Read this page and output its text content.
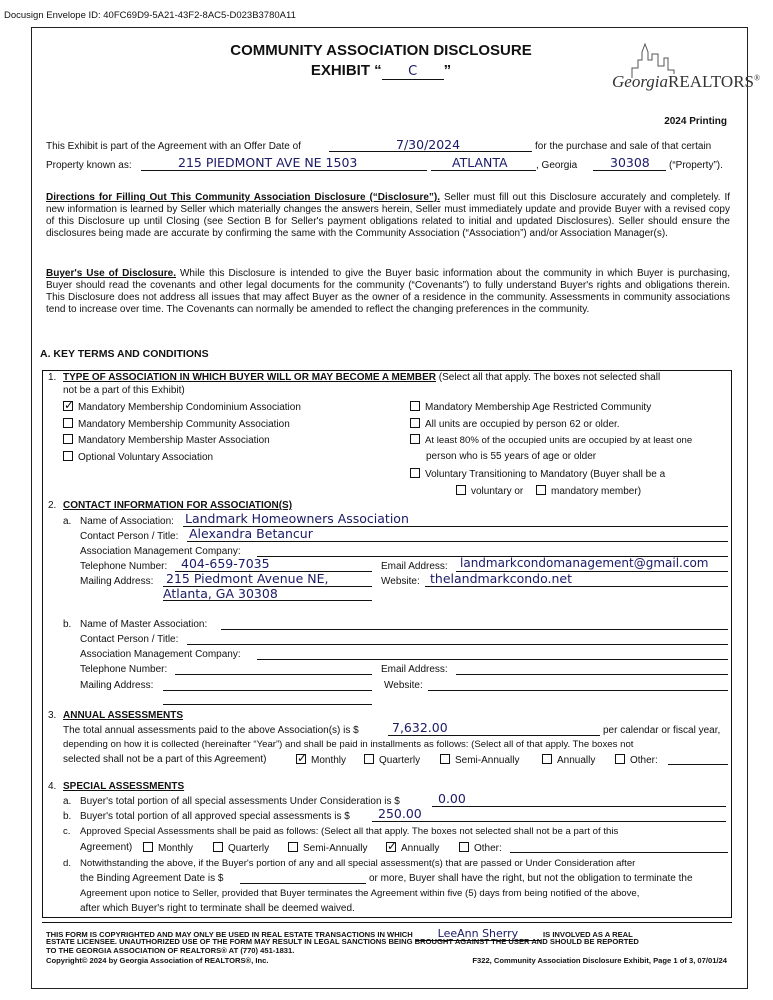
Docusign Envelope ID: 40FC69D9-5A21-43F2-8AC5-D023B3780A11
COMMUNITY ASSOCIATION DISCLOSURE
EXHIBIT “ C ”
GeorgiaREALTORS®
2024 Printing
This Exhibit is part of the Agreement with an Offer Date of	7/30/2024	for the purchase and sale of that certain
Property known as:	215 PIEDMONT AVE NE 1503	ATLANTA	, Georgia	30308 (“Property”).

Directions for Filling Out This Community Association Disclosure (“Disclosure”). Seller must fill out this Disclosure accurately and completely. If new information is learned by Seller which materially changes the answers herein, Seller must immediately update and provide Buyer with a revised copy of this Disclosure up until Closing (see Section B for Seller's payment obligations related to initial and updated Disclosures). Seller should ensure the disclosures being made are accurate by confirming the same with the Community Association (“Association”) and/or Association Manager(s).

Buyer's Use of Disclosure. While this Disclosure is intended to give the Buyer basic information about the community in which Buyer is purchasing, Buyer should read the covenants and other legal documents for the community (“Covenants”) to fully understand Buyer's rights and obligations therein. This Disclosure does not address all issues that may affect Buyer as the owner of a residence in the community. Assessments in community associations tend to increase over time. The Covenants can normally be amended to reflect the changing preferences in the community.

A. KEY TERMS AND CONDITIONS
1. TYPE OF ASSOCIATION IN WHICH BUYER WILL OR MAY BECOME A MEMBER (Select all that apply. The boxes not selected shall
not be a part of this Exhibit)
✓Mandatory Membership Condominium Association
Mandatory Membership Community Association
Mandatory Membership Master Association
Optional Voluntary Association
Mandatory Membership Age Restricted Community
All units are occupied by person 62 or older.
At least 80% of the occupied units are occupied by at least one
person who is 55 years of age or older
Voluntary Transitioning to Mandatory (Buyer shall be a
voluntary or	mandatory member)
2. CONTACT INFORMATION FOR ASSOCIATION(S)
a. Name of Association: Landmark Homeowners Association
Contact Person / Title: Alexandra Betancur
Association Management Company:
Telephone Number: 404-659-7035	Email Address: landmarkcondomanagement@gmail.com
Mailing Address: 215 Piedmont Avenue NE,
Atlanta, GA 30308
Website: thelandmarkcondo.net
b. Name of Master Association:
Contact Person / Title:
Association Management Company:
Telephone Number:	Email Address:
Mailing Address:	Website:
3. ANNUAL ASSESSMENTS
The total annual assessments paid to the above Association(s) is $	7,632.00	per calendar or fiscal year,
depending on how it is collected (hereinafter “Year”) and shall be paid in installments as follows: (Select all of that apply. The boxes not
selected shall not be a part of this Agreement) ✓	Monthly	Quarterly	Semi-Annually	Annually	Other:
4. SPECIAL ASSESSMENTS
a. Buyer's total portion of all special assessments Under Consideration is $	0.00
b. Buyer's total portion of all approved special assessments is $ 250.00
c. Approved Special Assessments shall be paid as follows: (Select all that apply. The boxes not selected shall not be a part of this
Agreement)	Monthly	Quarterly	Semi-Annually ✓	Annually	Other:
d. Notwithstanding the above, if the Buyer's portion of any and all special assessment(s) that are passed or Under Consideration after
the Binding Agreement Date is $	or more, Buyer shall have the right, but not the obligation to terminate the
Agreement upon notice to Seller, provided that Buyer terminates the Agreement within five (5) days from being notified of the above,
after which Buyer's right to terminate shall be deemed waived.
THIS FORM IS COPYRIGHTED AND MAY ONLY BE USED IN REAL ESTATE TRANSACTIONS IN WHICH LeeAnn Sherry	IS INVOLVED AS A REAL
ESTATE LICENSEE. UNAUTHORIZED USE OF THE FORM MAY RESULT IN LEGAL SANCTIONS BEING BROUGHT AGAINST THE USER AND SHOULD BE REPORTED
TO THE GEORGIA ASSOCIATION OF REALTORS® AT (770) 451-1831.
Copyright© 2024 by Georgia Association of REALTORS®, Inc.	F322, Community Association Disclosure Exhibit, Page 1 of 3, 07/01/24
